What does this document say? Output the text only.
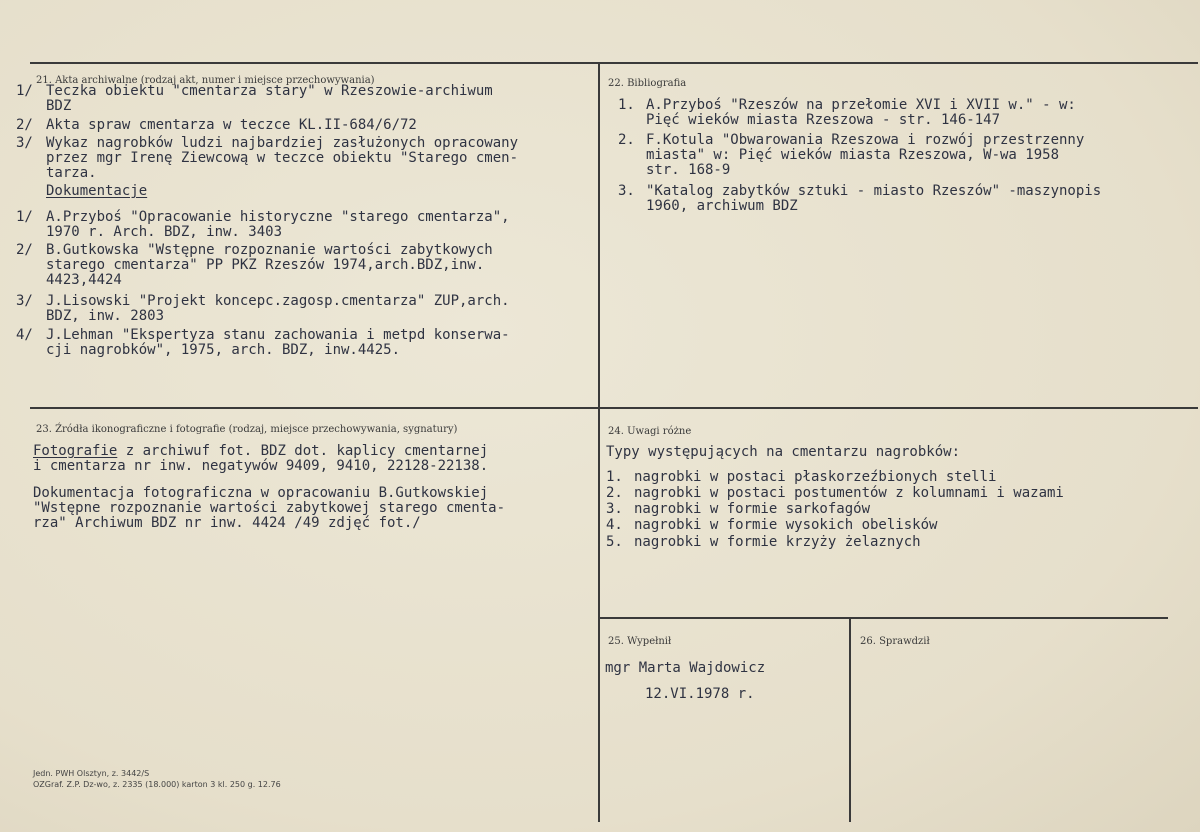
21. Akta archiwalne (rodzaj akt, numer i miejsce przechowywania)
1/ Teczka obiektu "cmentarza stary" w Rzeszowie-archiwum
BDZ
2/ Akta spraw cmentarza w teczce KL.II-684/6/72
3/ Wykaz nagrobków ludzi najbardziej zasłużonych opracowany
przez mgr Irenę Ziewcową w teczce obiektu "Starego cmen-
tarza.
Dokumentacje
1/ A.Przyboś "Opracowanie historyczne "starego cmentarza",
1970 r. Arch. BDZ, inw. 3403
2/ B.Gutkowska "Wstępne rozpoznanie wartości zabytkowych
starego cmentarza" PP PKZ Rzeszów 1974,arch.BDZ,inw.
4423,4424
3/ J.Lisowski "Projekt koncepc.zagosp.cmentarza" ZUP,arch.
BDZ, inw. 2803
4/ J.Lehman "Ekspertyza stanu zachowania i metpd konserwa-
cji nagrobków", 1975, arch. BDZ, inw.4425.
22. Bibliografia
1. A.Przyboś "Rzeszów na przełomie XVI i XVII w." - w:
Pięć wieków miasta Rzeszowa - str. 146-147
2. F.Kotula "Obwarowania Rzeszowa i rozwój przestrzenny
miasta" w: Pięć wieków miasta Rzeszowa, W-wa 1958
str. 168-9
3. "Katalog zabytków sztuki - miasto Rzeszów" -maszynopis
1960, archiwum BDZ
23. Źródła ikonograficzne i fotografie (rodzaj, miejsce przechowywania, sygnatury)
Fotografie z archiwuf fot. BDZ dot. kaplicy cmentarnej
i cmentarza nr inw. negatywów 9409, 9410, 22128-22138.
Dokumentacja fotograficzna w opracowaniu B.Gutkowskiej
"Wstępne rozpoznanie wartości zabytkowej starego cmenta-
rza" Archiwum BDZ nr inw. 4424 /49 zdjęć fot./
24. Uwagi różne
Typy występujących na cmentarzu nagrobków:
1. nagrobki w postaci płaskorzeźbionych stelli
2. nagrobki w postaci postumentów z kolumnami i wazami
3. nagrobki w formie sarkofagów
4. nagrobki w formie wysokich obelisków
5. nagrobki w formie krzyży żelaznych
25. Wypełnił
mgr Marta Wajdowicz
12.VI.1978 r.
26. Sprawdził
Jedn. PWH Olsztyn, z. 3442/S
OZGraf. Z.P. Dz-wo, z. 2335 (18.000) karton 3 kl. 250 g. 12.76
